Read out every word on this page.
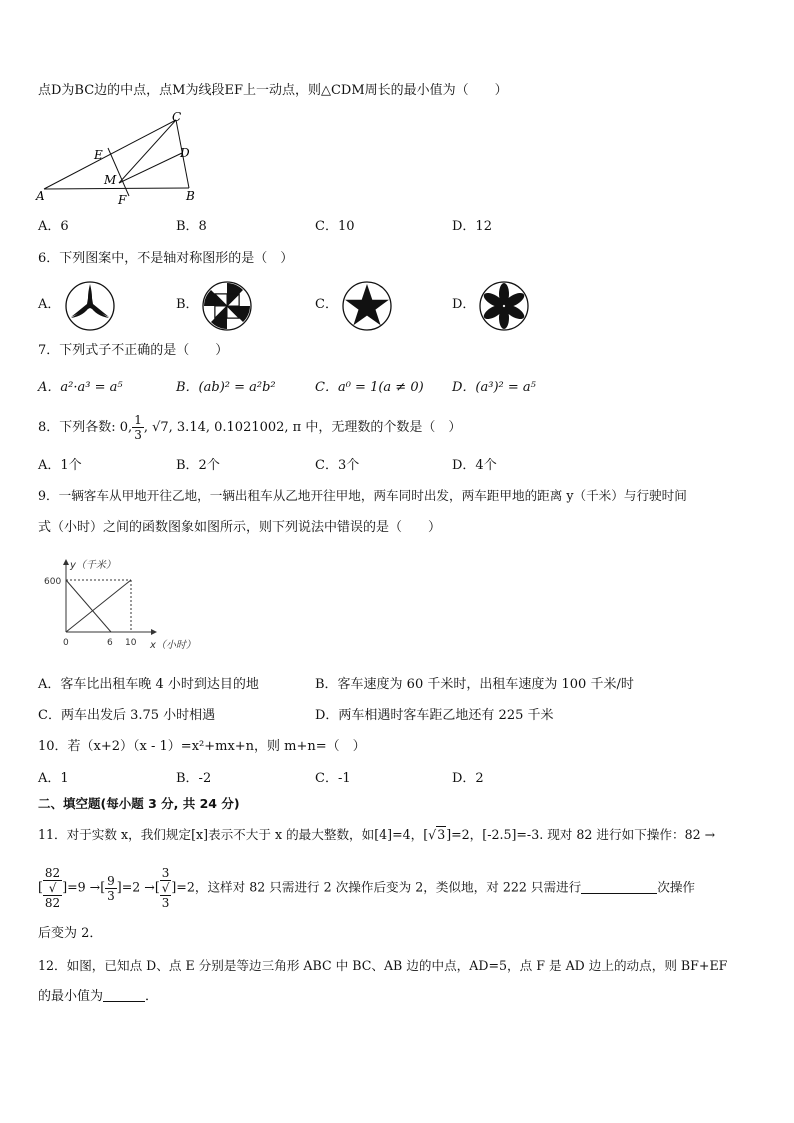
点D为BC边的中点，点M为线段EF上一动点，则△CDM周长的最小值为（　　）
C
E	D
M
A	F	B
A．6	B．8	C．10	D．12
6．下列图案中，不是轴对称图形的是（　）
A．	B．	C．	D．
7．下列式子不正确的是（　　）
A．a²·a³ = a⁵	B．(ab)² = a²b²	C．a⁰ = 1(a ≠ 0) D．(a³)² = a⁵
8．下列各数: 0, $\frac{1}{3}$ , √7, 3.14, 0.1021002, π 中，无理数的个数是（　）
A．1个	B．2个	C．3个	D．4个
9．一辆客车从甲地开往乙地，一辆出租车从乙地开往甲地，两车同时出发，两车距甲地的距离 y（千米）与行驶时间
式（小时）之间的函数图象如图所示，则下列说法中错误的是（　　）
y（千米）
600
0	6 10 x（小时）
A．客车比出租车晚 4 小时到达目的地	B．客车速度为 60 千米时，出租车速度为 100 千米/时
C．两车出发后 3.75 小时相遇	D．两车相遇时客车距乙地还有 225 千米
10．若（x+2）（x - 1）=x²+mx+n，则 m+n=（　）
A．1	B．-2	C．-1	D．2
二、填空题(每小题 3 分, 共 24 分)
11．对于实数 x，我们规定[x]表示不大于 x 的最大整数，如[4]=4，[√3]=2，[-2.5]=-3. 现对 82 进行如下操作：82 →
[ 82
√
82 ]=9 →[ $\frac{9}{3} ]=2$ →[ 3
√
3 ]=2，这样对 82 只需进行 2 次操作后变为 2，类似地，对 222 只需进行	次操作
后变为 2．
12．如图，已知点 D、点 E 分别是等边三角形 ABC 中 BC、AB 边的中点，AD=5，点 F 是 AD 边上的动点，则 BF+EF
的最小值为	．
